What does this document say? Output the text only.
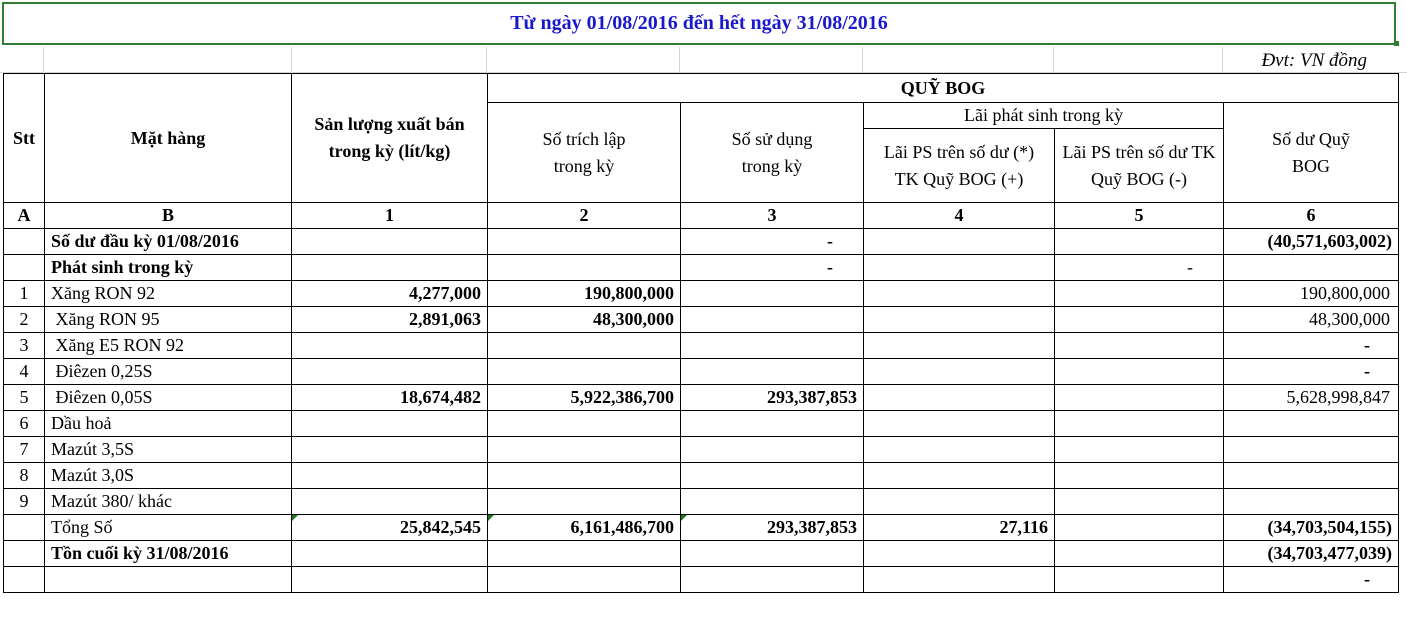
Từ ngày 01/08/2016 đến hết ngày 31/08/2016
Đvt: VN đồng
Stt	Mặt hàng	Sản lượng xuất bán trong kỳ (lít/kg)	QUỸ BOG				
			Số trích lập trong kỳ	Số sử dụng trong kỳ	Lãi phát sinh trong kỳ		Số dư Quỹ BOG
					Lãi PS trên số dư (*) TK Quỹ BOG (+)	Lãi PS trên số dư TK Quỹ BOG (-)	

A	B	1	2	3	4	5	6
	Số dư đầu kỳ 01/08/2016			-			(40,571,603,002)
	Phát sinh trong kỳ			-		-	
1	Xăng RON 92	4,277,000	190,800,000				190,800,000
2	Xăng RON 95	2,891,063	48,300,000				48,300,000
3	Xăng E5 RON 92						-
4	Điêzen 0,25S						-
5	Điêzen 0,05S	18,674,482	5,922,386,700	293,387,853			5,628,998,847
6	Dầu hoả						
7	Mazút 3,5S						
8	Mazút 3,0S						
9	Mazút 380/ khác						
	Tổng Số	25,842,545	6,161,486,700	293,387,853	27,116		(34,703,504,155)
	Tồn cuối kỳ 31/08/2016						(34,703,477,039)
							-
